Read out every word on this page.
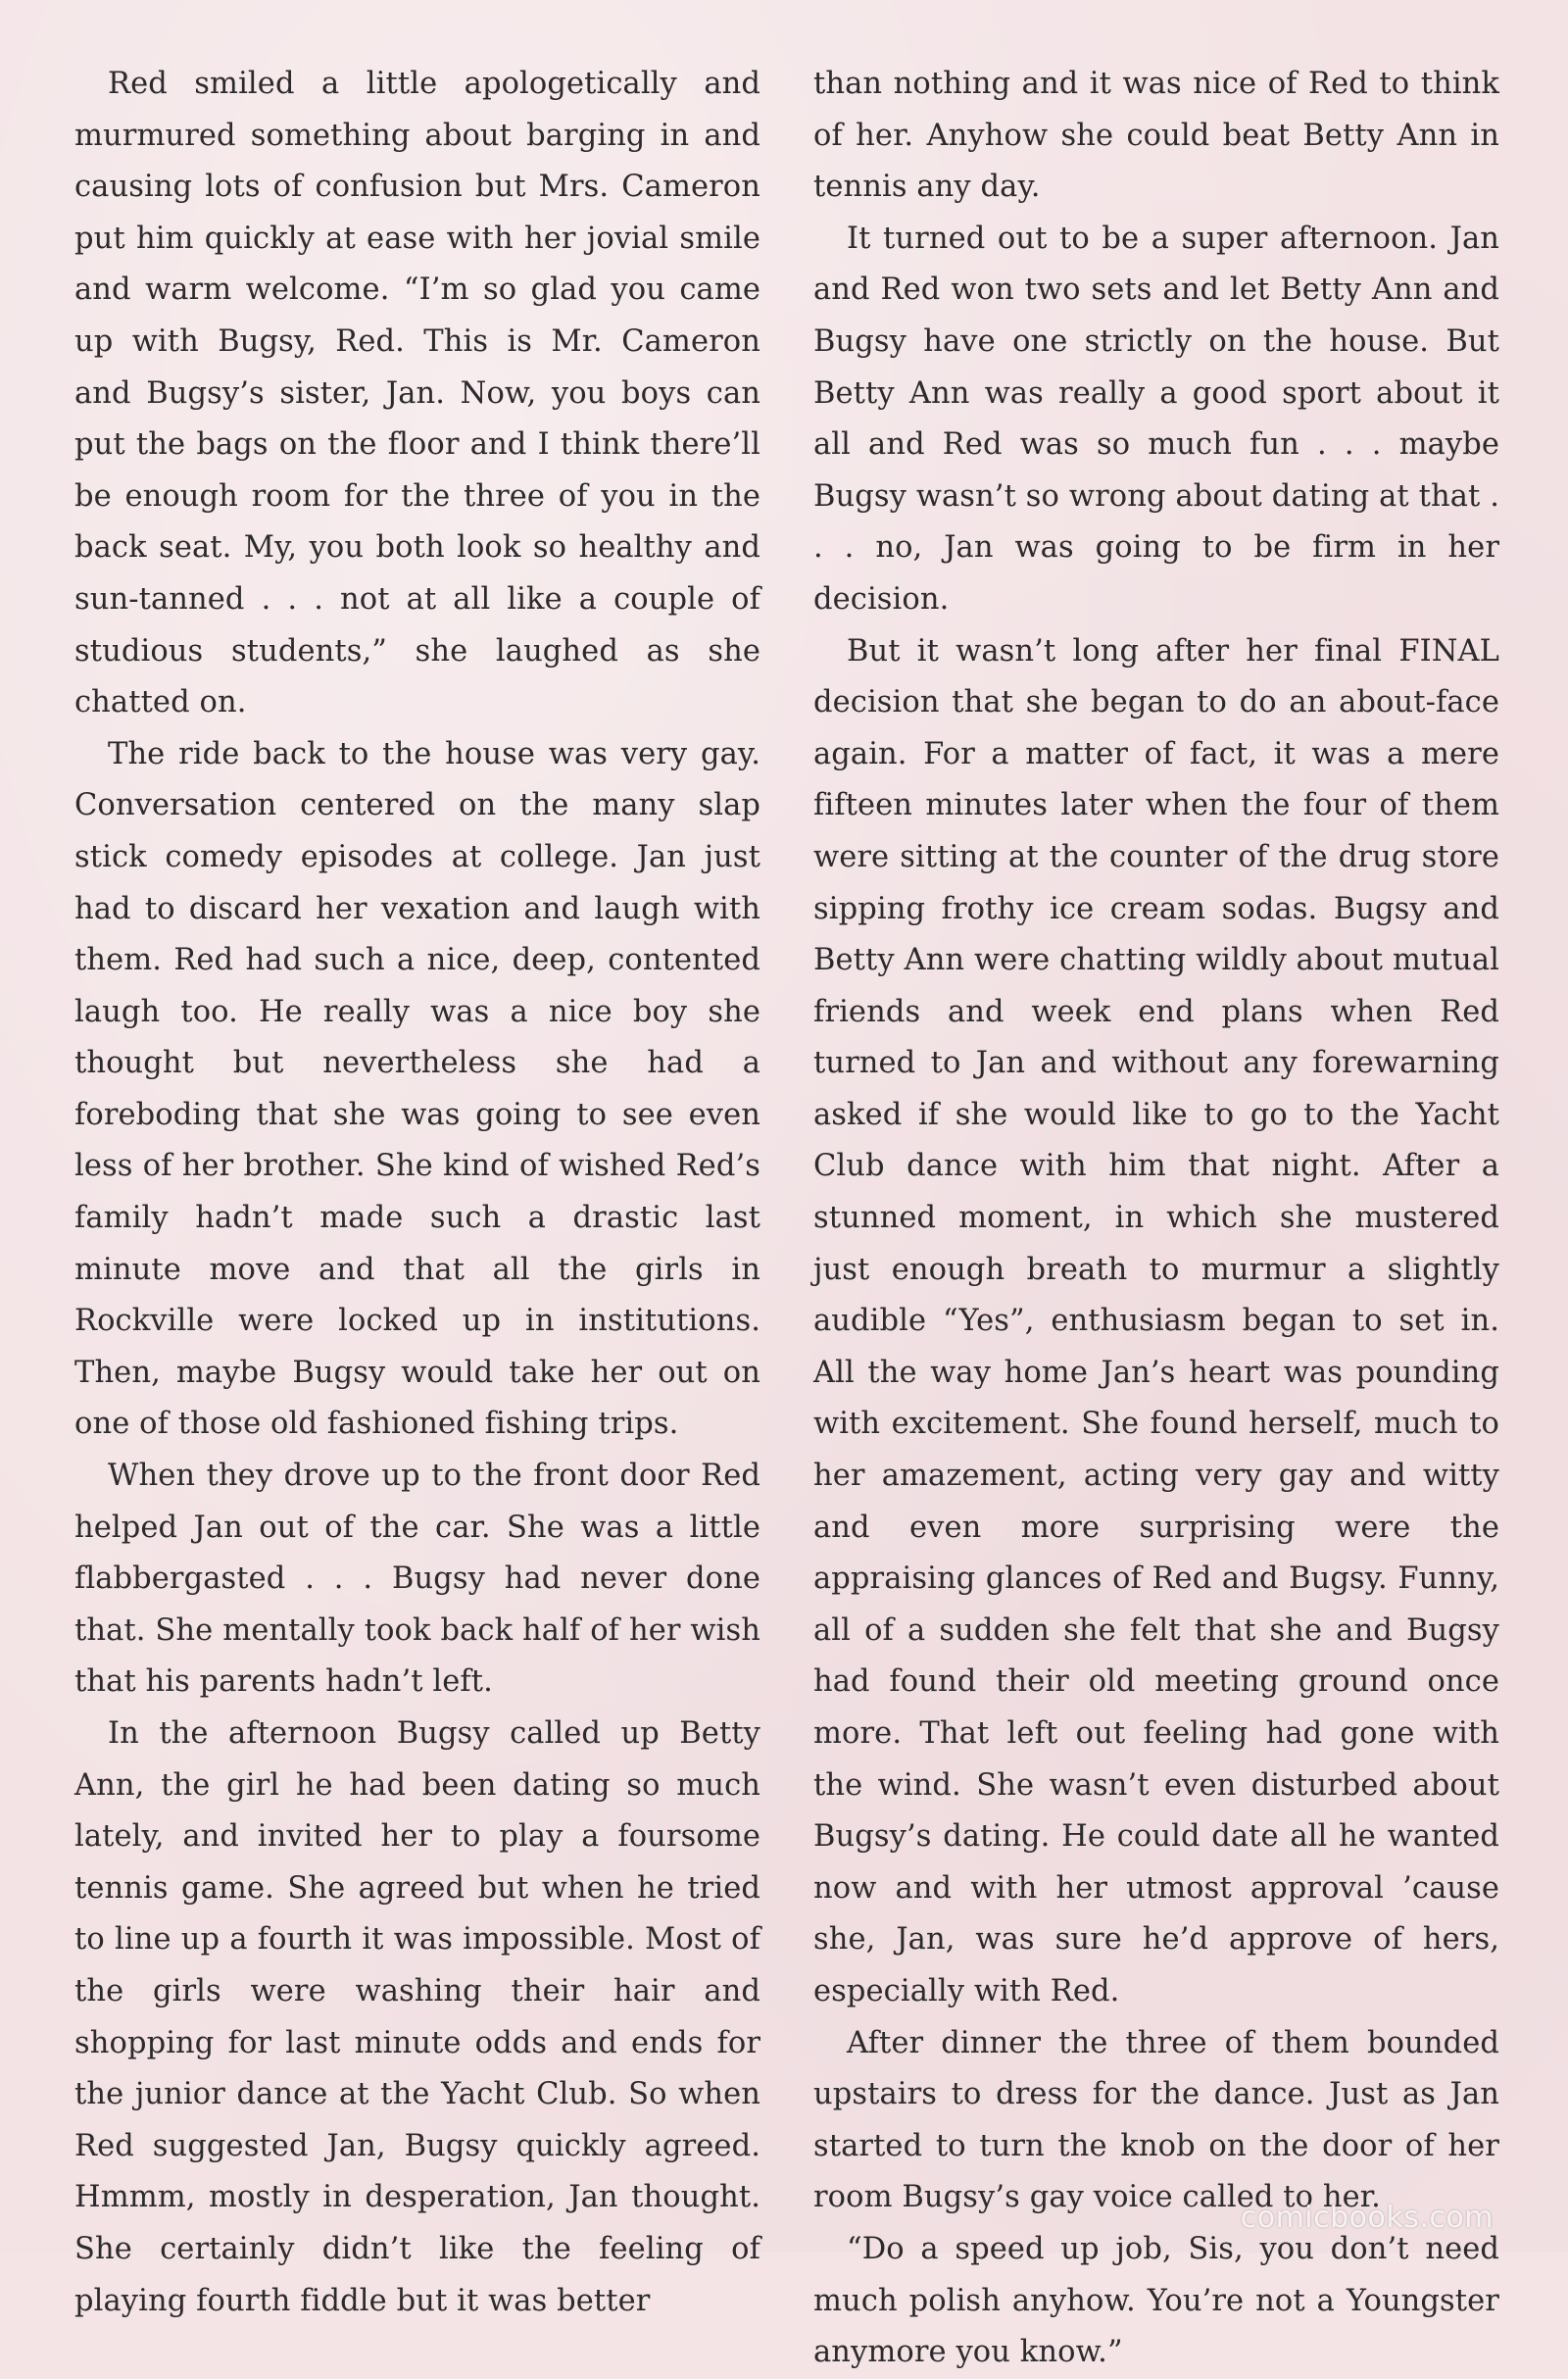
Red smiled a little apologetically and murmured something about barging in and causing lots of confusion but Mrs. Cameron put him quickly at ease with her jovial smile and warm welcome. “I’m so glad you came up with Bugsy, Red. This is Mr. Cameron and Bugsy’s sister, Jan. Now, you boys can put the bags on the floor and I think there’ll be enough room for the three of you in the back seat. My, you both look so healthy and sun-tanned . . . not at all like a couple of studious students,” she laughed as she chatted on.

The ride back to the house was very gay. Conversation centered on the many slap stick comedy episodes at college. Jan just had to discard her vexation and laugh with them. Red had such a nice, deep, contented laugh too. He really was a nice boy she thought but nevertheless she had a foreboding that she was going to see even less of her brother. She kind of wished Red’s family hadn’t made such a drastic last minute move and that all the girls in Rockville were locked up in institutions. Then, maybe Bugsy would take her out on one of those old fashioned fishing trips.

When they drove up to the front door Red helped Jan out of the car. She was a little flabbergasted . . . Bugsy had never done that. She mentally took back half of her wish that his parents hadn’t left.

In the afternoon Bugsy called up Betty Ann, the girl he had been dating so much lately, and invited her to play a foursome tennis game. She agreed but when he tried to line up a fourth it was impossible. Most of the girls were washing their hair and shopping for last minute odds and ends for the junior dance at the Yacht Club. So when Red suggested Jan, Bugsy quickly agreed. Hmmm, mostly in desperation, Jan thought. She certainly didn’t like the feeling of playing fourth fiddle but it was better

than nothing and it was nice of Red to think of her. Anyhow she could beat Betty Ann in tennis any day.

It turned out to be a super afternoon. Jan and Red won two sets and let Betty Ann and Bugsy have one strictly on the house. But Betty Ann was really a good sport about it all and Red was so much fun . . . maybe Bugsy wasn’t so wrong about dating at that . . . no, Jan was going to be firm in her decision.

But it wasn’t long after her final FINAL decision that she began to do an about-face again. For a matter of fact, it was a mere fifteen minutes later when the four of them were sitting at the counter of the drug store sipping frothy ice cream sodas. Bugsy and Betty Ann were chatting wildly about mutual friends and week end plans when Red turned to Jan and without any forewarning asked if she would like to go to the Yacht Club dance with him that night. After a stunned moment, in which she mustered just enough breath to murmur a slightly audible “Yes”, enthusiasm began to set in. All the way home Jan’s heart was pounding with excitement. She found herself, much to her amazement, acting very gay and witty and even more surprising were the appraising glances of Red and Bugsy. Funny, all of a sudden she felt that she and Bugsy had found their old meeting ground once more. That left out feeling had gone with the wind. She wasn’t even disturbed about Bugsy’s dating. He could date all he wanted now and with her utmost approval ’cause she, Jan, was sure he’d approve of hers, especially with Red.

After dinner the three of them bounded upstairs to dress for the dance. Just as Jan started to turn the knob on the door of her room Bugsy’s gay voice called to her.

“Do a speed up job, Sis, you don’t need much polish anyhow. You’re not a Youngster anymore you know.”

comicbooks.com
